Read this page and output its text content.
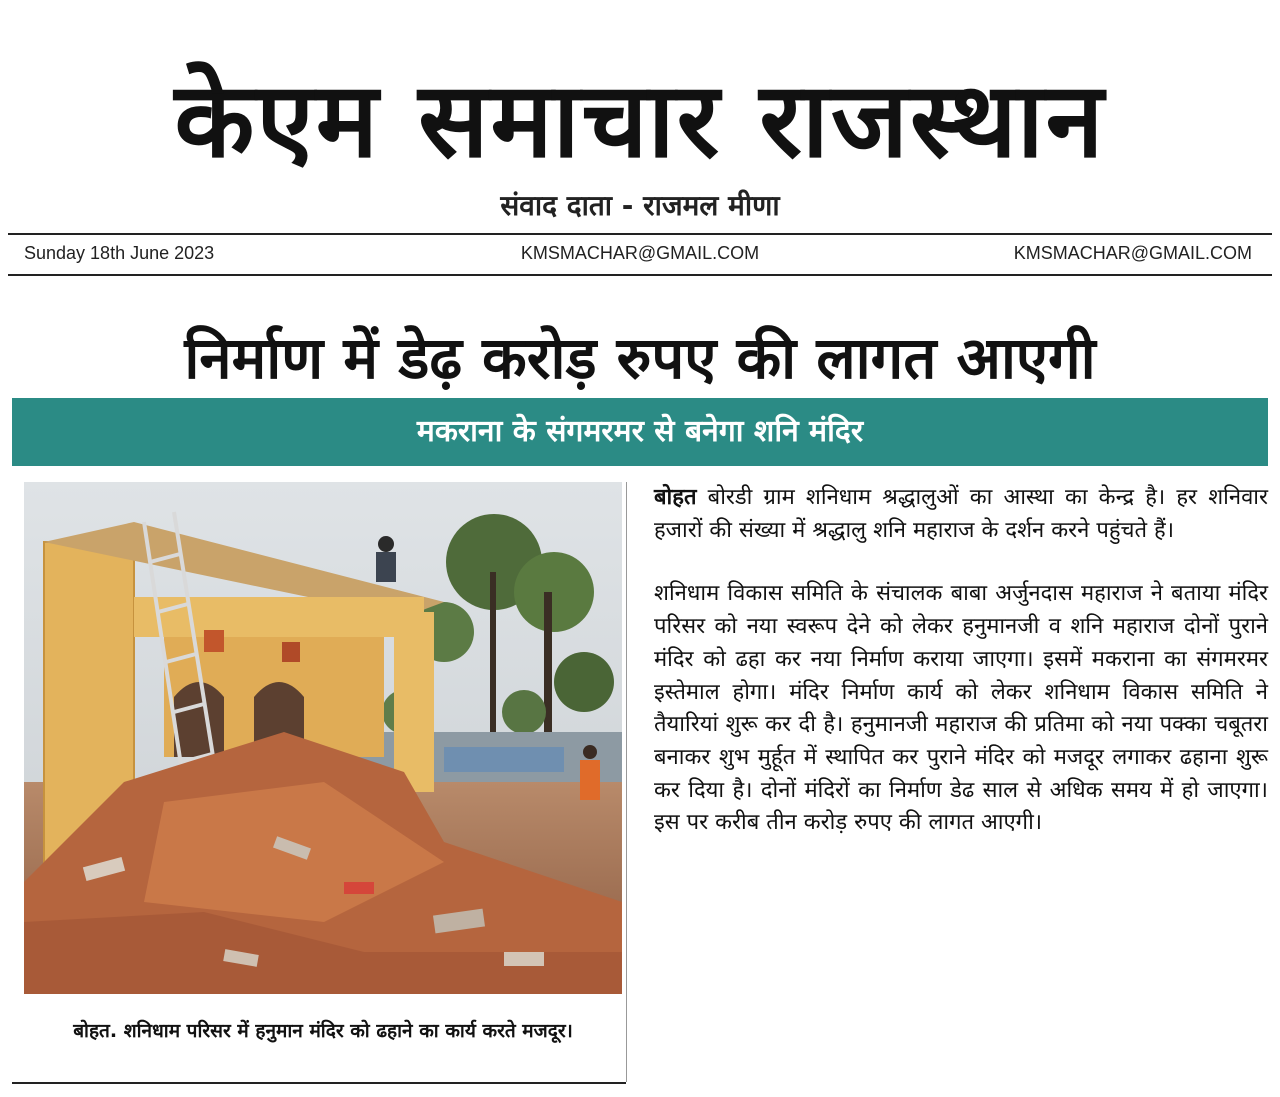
केएम समाचार राजस्थान
संवाद दाता - राजमल मीणा
Sunday 18th June 2023	KMSMACHAR@GMAIL.COM	KMSMACHAR@GMAIL.COM
निर्माण में डेढ़ करोड़ रुपए की लागत आएगी
मकराना के संगमरमर से बनेगा शनि मंदिर
बोहत. शनिधाम परिसर में हनुमान मंदिर को ढहाने का कार्य करते मजदूर।

बोहत बोरडी ग्राम शनिधाम श्रद्धालुओं का आस्था का केन्द्र है। हर शनिवार हजारों की संख्या में श्रद्धालु शनि महाराज के दर्शन करने पहुंचते हैं।

शनिधाम विकास समिति के संचालक बाबा अर्जुनदास महाराज ने बताया मंदिर परिसर को नया स्वरूप देने को लेकर हनुमानजी व शनि महाराज दोनों पुराने मंदिर को ढहा कर नया निर्माण कराया जाएगा। इसमें मकराना का संगमरमर इस्तेमाल होगा। मंदिर निर्माण कार्य को लेकर शनिधाम विकास समिति ने तैयारियां शुरू कर दी है। हनुमानजी महाराज की प्रतिमा को नया पक्का चबूतरा बनाकर शुभ मुर्हूत में स्थापित कर पुराने मंदिर को मजदूर लगाकर ढहाना शुरू कर दिया है। दोनों मंदिरों का निर्माण डेढ साल से अधिक समय में हो जाएगा। इस पर करीब तीन करोड़ रुपए की लागत आएगी।
